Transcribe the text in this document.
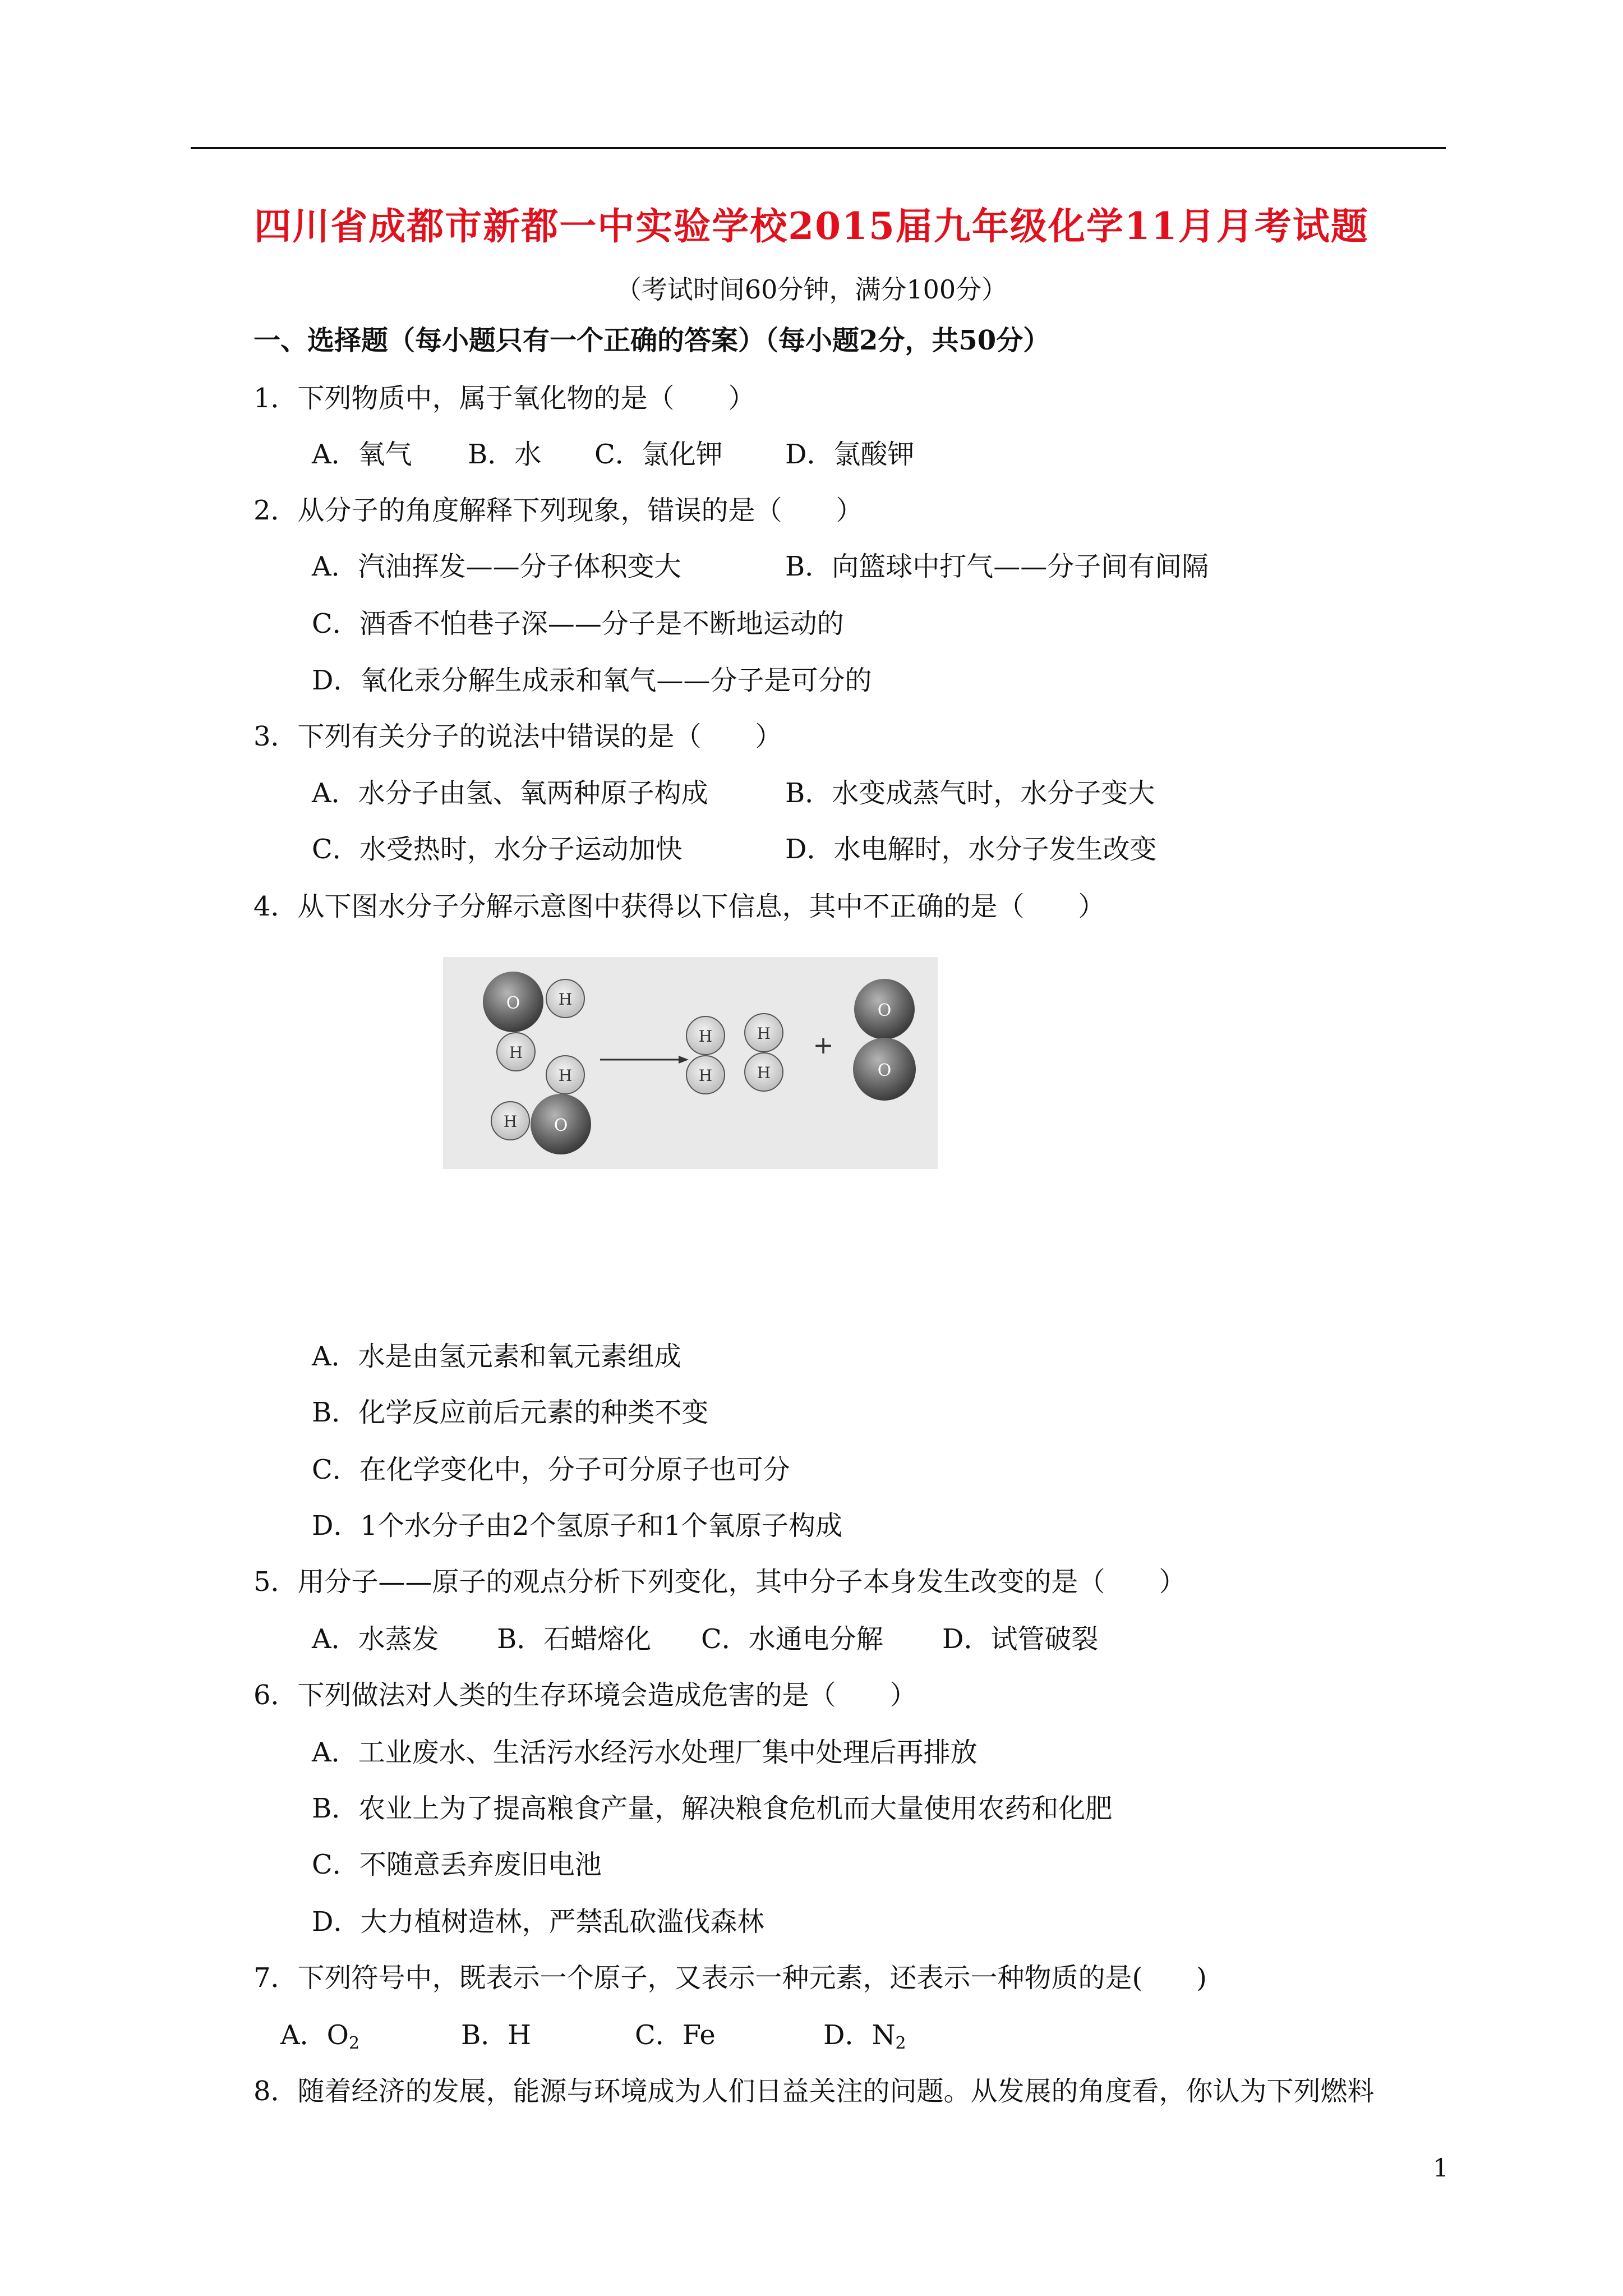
四川省成都市新都一中实验学校2015届九年级化学11月月考试题
（考试时间60分钟，满分100分）
一、选择题（每小题只有一个正确的答案）（每小题2分，共50分）
1．下列物质中，属于氧化物的是（　　）
A．氧气 B．水 C．氯化钾 D．氯酸钾
2．从分子的角度解释下列现象，错误的是（　　）
A．汽油挥发——分子体积变大	B．向篮球中打气——分子间有间隔
C．酒香不怕巷子深——分子是不断地运动的
D．氧化汞分解生成汞和氧气——分子是可分的
3．下列有关分子的说法中错误的是（　　）
A．水分子由氢、氧两种原子构成	B．水变成蒸气时，水分子变大
C．水受热时，水分子运动加快	D．水电解时，水分子发生改变
4．从下图水分子分解示意图中获得以下信息，其中不正确的是（　　）
O H
H
H
O
H
H
H
H
H
+
O
O
A．水是由氢元素和氧元素组成
B．化学反应前后元素的种类不变
C．在化学变化中，分子可分原子也可分
D．1个水分子由2个氢原子和1个氧原子构成
5．用分子——原子的观点分析下列变化，其中分子本身发生改变的是（　　）
A．水蒸发 B．石蜡熔化 C．水通电分解 D．试管破裂
6．下列做法对人类的生存环境会造成危害的是（　　）
A．工业废水、生活污水经污水处理厂集中处理后再排放
B．农业上为了提高粮食产量，解决粮食危机而大量使用农药和化肥
C．不随意丢弃废旧电池
D．大力植树造林，严禁乱砍滥伐森林
7．下列符号中，既表示一个原子，又表示一种元素，还表示一种物质的是(　　)
A．$O_2$	B．H	C．Fe	D．$N_2$
8．随着经济的发展，能源与环境成为人们日益关注的问题。从发展的角度看，你认为下列燃料
1
